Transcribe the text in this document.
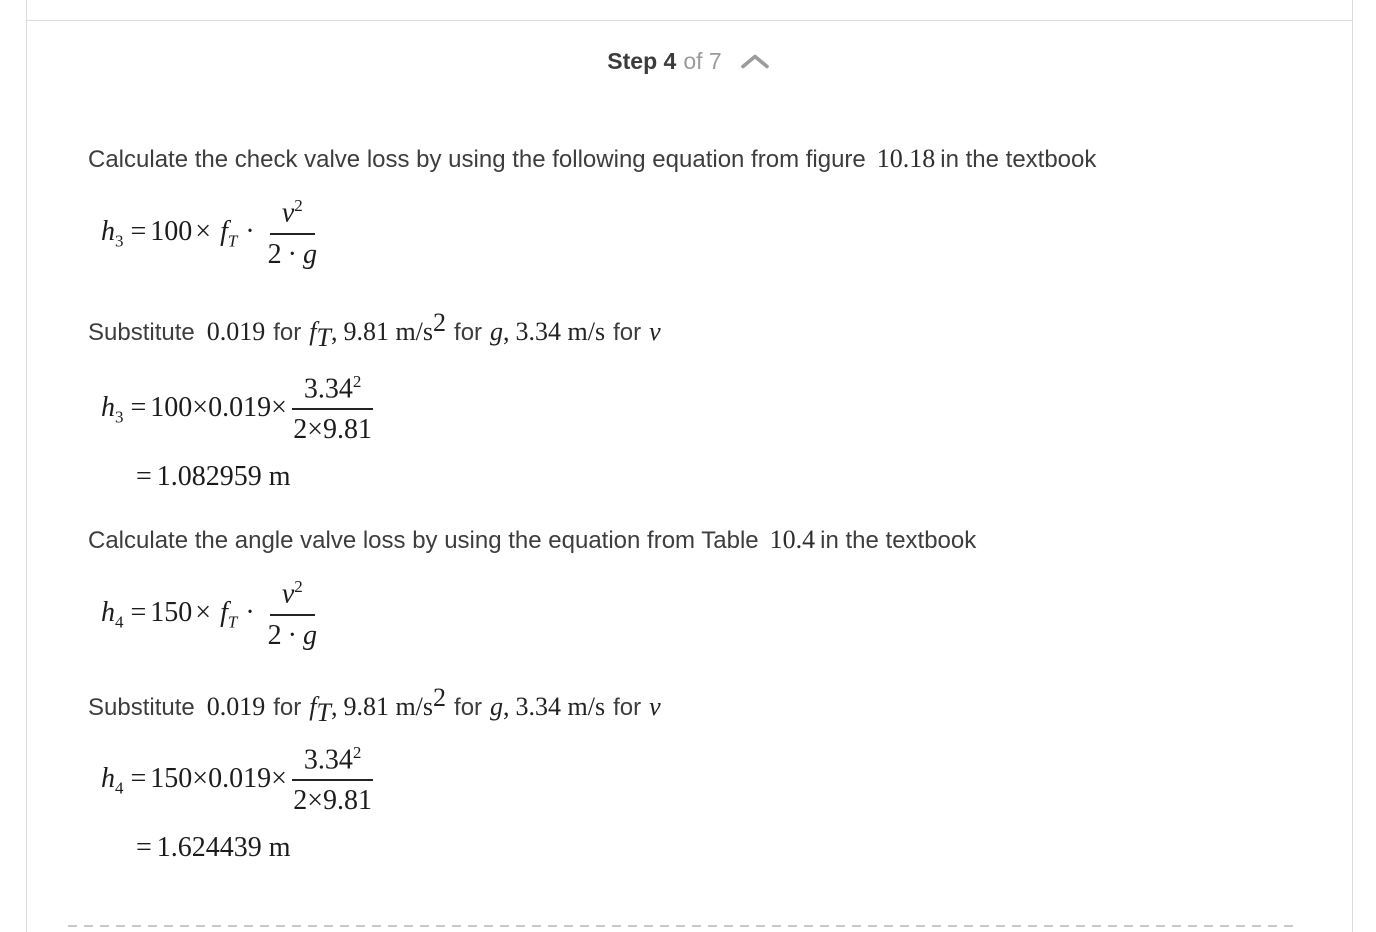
Step 4 of 7

Calculate the check valve loss by using the following equation from figure 10.18 in the textbook

$h_3 = 100 \times f_T \cdot \frac{v^2}{2 \cdot g}$

Substitute 0.019 for $f_T$, 9.81 $m/s^2$ for g, 3.34 m/s for v

$h_3 = 100\times 0.019\times \frac{3.34^2}{2\times 9.81}$
= 1.082959 m

Calculate the angle valve loss by using the equation from Table 10.4 in the textbook

$h_4 = 150 \times f_T \cdot \frac{v^2}{2 \cdot g}$

Substitute 0.019 for $f_T$, 9.81 $m/s^2$ for g, 3.34 m/s for v

$h_4 = 150\times 0.019\times \frac{3.34^2}{2\times 9.81}$
= 1.624439 m
